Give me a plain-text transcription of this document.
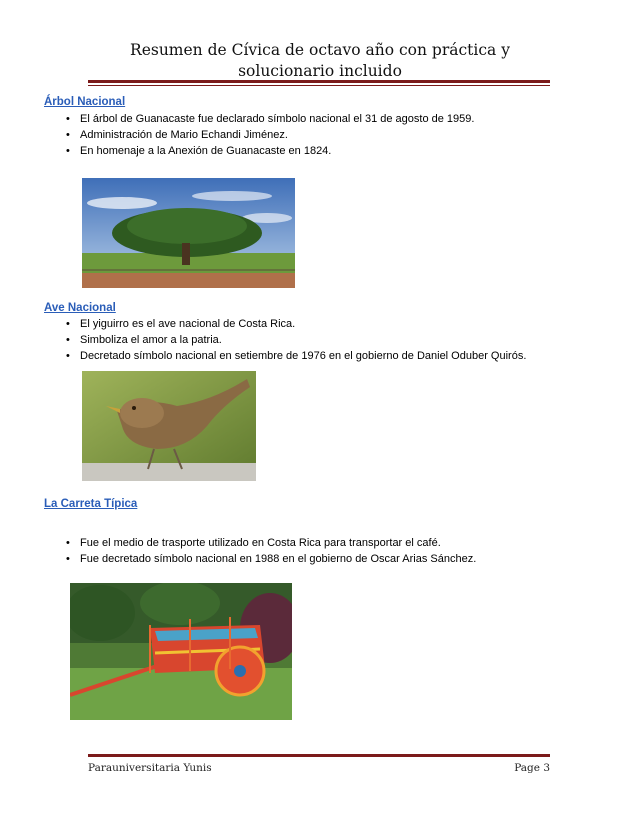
Resumen de Cívica de octavo año con práctica y solucionario incluido
Árbol Nacional
• El árbol de Guanacaste fue declarado símbolo nacional el 31 de agosto de 1959.
• Administración de Mario Echandi Jiménez.
• En homenaje a la Anexión de Guanacaste en 1824.
Ave Nacional
• El yiguirro es el ave nacional de Costa Rica.
• Simboliza el amor a la patria.
• Decretado símbolo nacional en setiembre de 1976 en el gobierno de Daniel Oduber Quirós.
La Carreta Típica
• Fue el medio de trasporte utilizado en Costa Rica para transportar el café.
• Fue decretado símbolo nacional en 1988 en el gobierno de Oscar Arias Sánchez.
Parauniversitaria Yunis	Page 3
